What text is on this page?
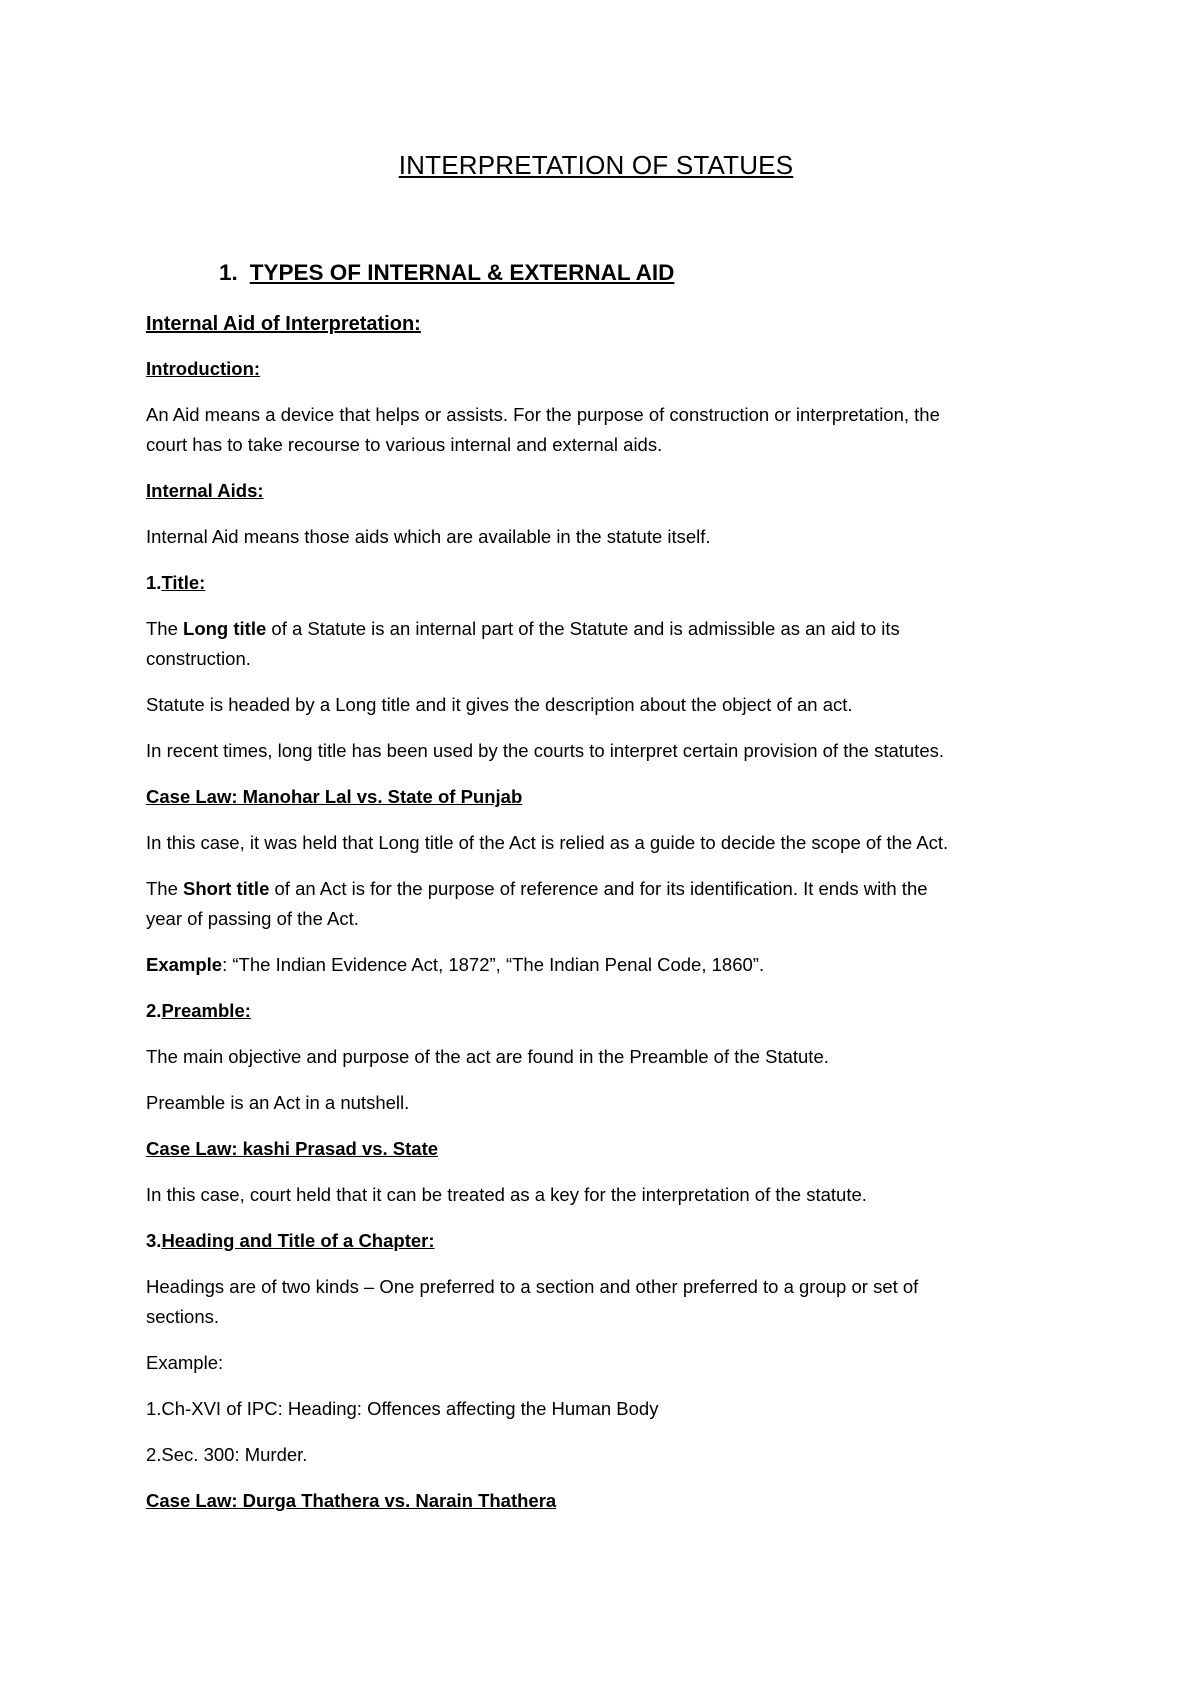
INTERPRETATION OF STATUES
1. TYPES OF INTERNAL & EXTERNAL AID
Internal Aid of Interpretation:
Introduction:
An Aid means a device that helps or assists. For the purpose of construction or interpretation, the
court has to take recourse to various internal and external aids.
Internal Aids:
Internal Aid means those aids which are available in the statute itself.
1.Title:
The Long title of a Statute is an internal part of the Statute and is admissible as an aid to its
construction.
Statute is headed by a Long title and it gives the description about the object of an act.
In recent times, long title has been used by the courts to interpret certain provision of the statutes.
Case Law: Manohar Lal vs. State of Punjab
In this case, it was held that Long title of the Act is relied as a guide to decide the scope of the Act.
The Short title of an Act is for the purpose of reference and for its identification. It ends with the
year of passing of the Act.
Example: “The Indian Evidence Act, 1872”, “The Indian Penal Code, 1860”.
2.Preamble:
The main objective and purpose of the act are found in the Preamble of the Statute.
Preamble is an Act in a nutshell.
Case Law: kashi Prasad vs. State
In this case, court held that it can be treated as a key for the interpretation of the statute.
3.Heading and Title of a Chapter:
Headings are of two kinds – One preferred to a section and other preferred to a group or set of
sections.
Example:
1.Ch-XVI of IPC: Heading: Offences affecting the Human Body
2.Sec. 300: Murder.
Case Law: Durga Thathera vs. Narain Thathera
